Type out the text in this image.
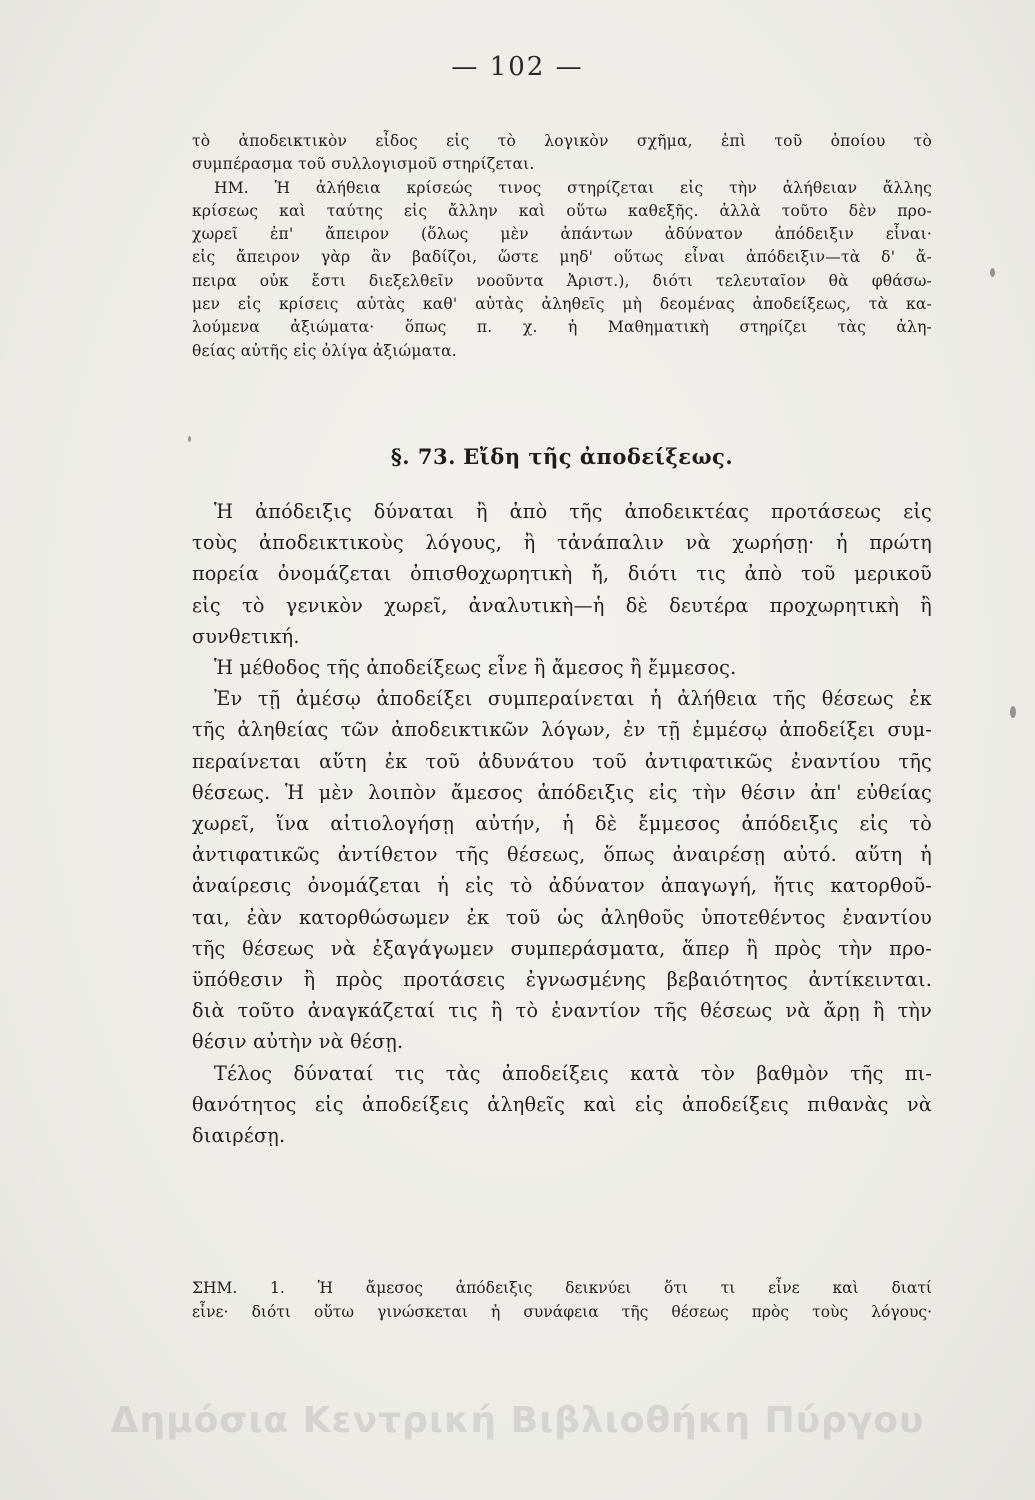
— 102 —

τὸ ἀποδεικτικὸν εἶδος εἰς τὸ λογικὸν σχῆμα, ἐπὶ τοῦ ὁποίου τὸ

συμπέρασμα τοῦ συλλογισμοῦ στηρίζεται.

ΗΜ. Ἡ ἀλήθεια κρίσεώς τινος στηρίζεται εἰς τὴν ἀλήθειαν ἄλλης

κρίσεως καὶ ταύτης εἰς ἄλλην καὶ οὕτω καθεξῆς. ἀλλὰ τοῦτο δὲν προ-

χωρεῖ ἐπ' ἄπειρον (ὅλως μὲν ἁπάντων ἀδύνατον ἀπόδειξιν εἶναι·

εἰς ἄπειρον γὰρ ἂν βαδίζοι, ὥστε μηδ' οὕτως εἶναι ἀπόδειξιν—τὰ δ' ἄ-

πειρα οὐκ ἔστι διεξελθεῖν νοοῦντα Ἀριστ.), διότι τελευταῖον θὰ φθάσω-

μεν εἰς κρίσεις αὐτὰς καθ' αὑτὰς ἀληθεῖς μὴ δεομένας ἀποδείξεως, τὰ κα-

λούμενα ἀξιώματα· ὅπως π. χ. ἡ Μαθηματικὴ στηρίζει τὰς ἀλη-

θείας αὐτῆς εἰς ὀλίγα ἀξιώματα.

§. 73. Εἴδη τῆς ἀποδείξεως.

Ἡ ἀπόδειξις δύναται ἢ ἀπὸ τῆς ἀποδεικτέας προτάσεως εἰς

τοὺς ἀποδεικτικοὺς λόγους, ἢ τἀνάπαλιν νὰ χωρήσῃ· ἡ πρώτη

πορεία ὀνομάζεται ὀπισθοχωρητικὴ ἤ, διότι τις ἀπὸ τοῦ μερικοῦ

εἰς τὸ γενικὸν χωρεῖ, ἀναλυτικὴ—ἡ δὲ δευτέρα προχωρητικὴ ἢ

συνθετική.

Ἡ μέθοδος τῆς ἀποδείξεως εἶνε ἢ ἄμεσος ἢ ἔμμεσος.

Ἐν τῇ ἀμέσῳ ἀποδείξει συμπεραίνεται ἡ ἀλήθεια τῆς θέσεως ἐκ

τῆς ἀληθείας τῶν ἀποδεικτικῶν λόγων, ἐν τῇ ἐμμέσῳ ἀποδείξει συμ-

περαίνεται αὕτη ἐκ τοῦ ἀδυνάτου τοῦ ἀντιφατικῶς ἐναντίου τῆς

θέσεως. Ἡ μὲν λοιπὸν ἄμεσος ἀπόδειξις εἰς τὴν θέσιν ἀπ' εὐθείας

χωρεῖ, ἵνα αἰτιολογήσῃ αὐτήν, ἡ δὲ ἔμμεσος ἀπόδειξις εἰς τὸ

ἀντιφατικῶς ἀντίθετον τῆς θέσεως, ὅπως ἀναιρέσῃ αὐτό. αὕτη ἡ

ἀναίρεσις ὀνομάζεται ἡ εἰς τὸ ἀδύνατον ἀπαγωγή, ἥτις κατορθοῦ-

ται, ἐὰν κατορθώσωμεν ἐκ τοῦ ὡς ἀληθοῦς ὑποτεθέντος ἐναντίου

τῆς θέσεως νὰ ἐξαγάγωμεν συμπεράσματα, ἅπερ ἢ πρὸς τὴν προ-

ϋπόθεσιν ἢ πρὸς προτάσεις ἐγνωσμένης βεβαιότητος ἀντίκεινται.

διὰ τοῦτο ἀναγκάζεταί τις ἢ τὸ ἐναντίον τῆς θέσεως νὰ ἄρῃ ἢ τὴν

θέσιν αὐτὴν νὰ θέσῃ.

Τέλος δύναταί τις τὰς ἀποδείξεις κατὰ τὸν βαθμὸν τῆς πι-

θανότητος εἰς ἀποδείξεις ἀληθεῖς καὶ εἰς ἀποδείξεις πιθανὰς νὰ

διαιρέσῃ.

ΣΗΜ. 1. Ἡ ἄμεσος ἀπόδειξις δεικνύει ὅτι τι εἶνε καὶ διατί

εἶνε· διότι οὕτω γινώσκεται ἡ συνάφεια τῆς θέσεως πρὸς τοὺς λόγους·

Δημόσια Κεντρική Βιβλιοθήκη Πύργου
